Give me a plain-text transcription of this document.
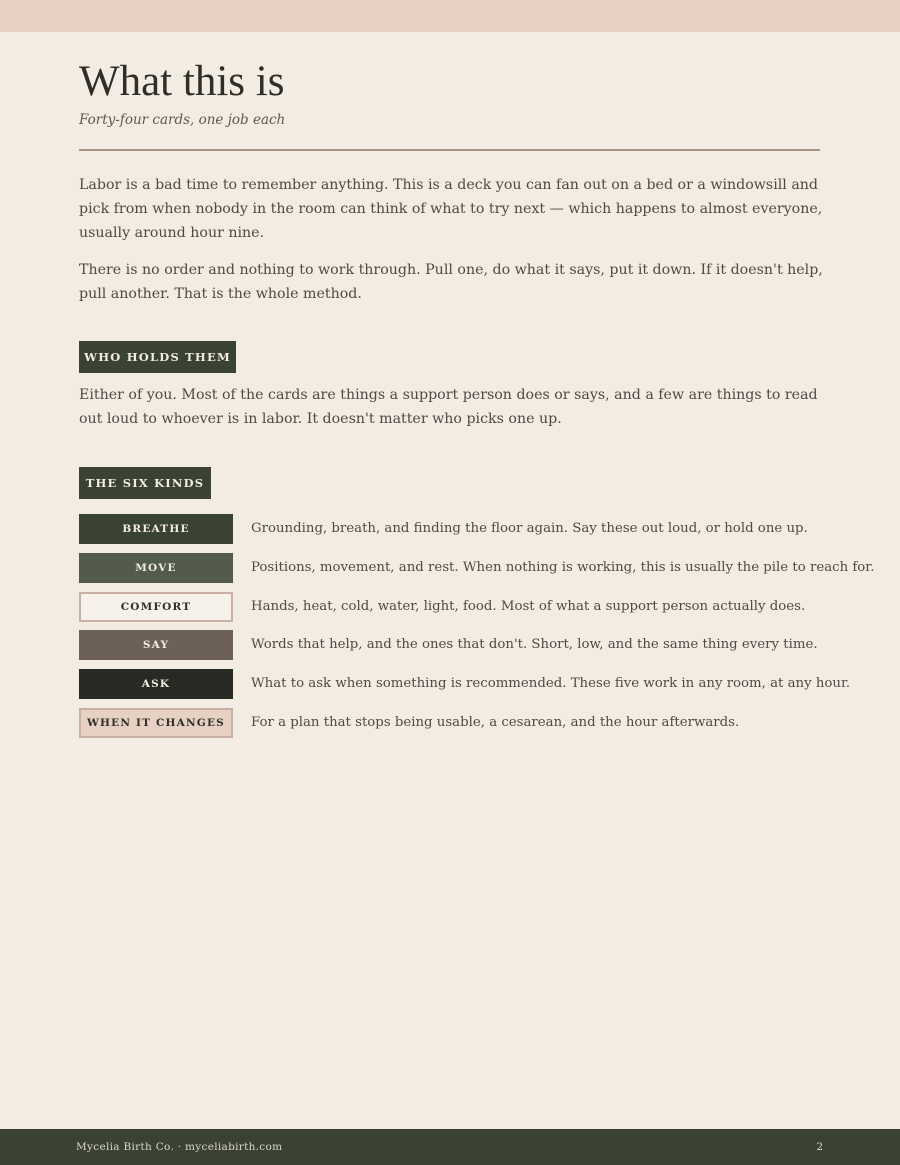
What this is
Forty-four cards, one job each

Labor is a bad time to remember anything. This is a deck you can fan out on a bed or a windowsill and pick from when nobody in the room can think of what to try next — which happens to almost everyone, usually around hour nine.

There is no order and nothing to work through. Pull one, do what it says, put it down. If it doesn't help, pull another. That is the whole method.

WHO HOLDS THEM

Either of you. Most of the cards are things a support person does or says, and a few are things to read out loud to whoever is in labor. It doesn't matter who picks one up.

THE SIX KINDS
BREATHE	Grounding, breath, and finding the floor again. Say these out loud, or hold one up.
MOVE	Positions, movement, and rest. When nothing is working, this is usually the pile to reach for.
COMFORT	Hands, heat, cold, water, light, food. Most of what a support person actually does.
SAY	Words that help, and the ones that don't. Short, low, and the same thing every time.
ASK	What to ask when something is recommended. These five work in any room, at any hour.
WHEN IT CHANGES	For a plan that stops being usable, a cesarean, and the hour afterwards.
Mycelia Birth Co. · myceliabirth.com	2
